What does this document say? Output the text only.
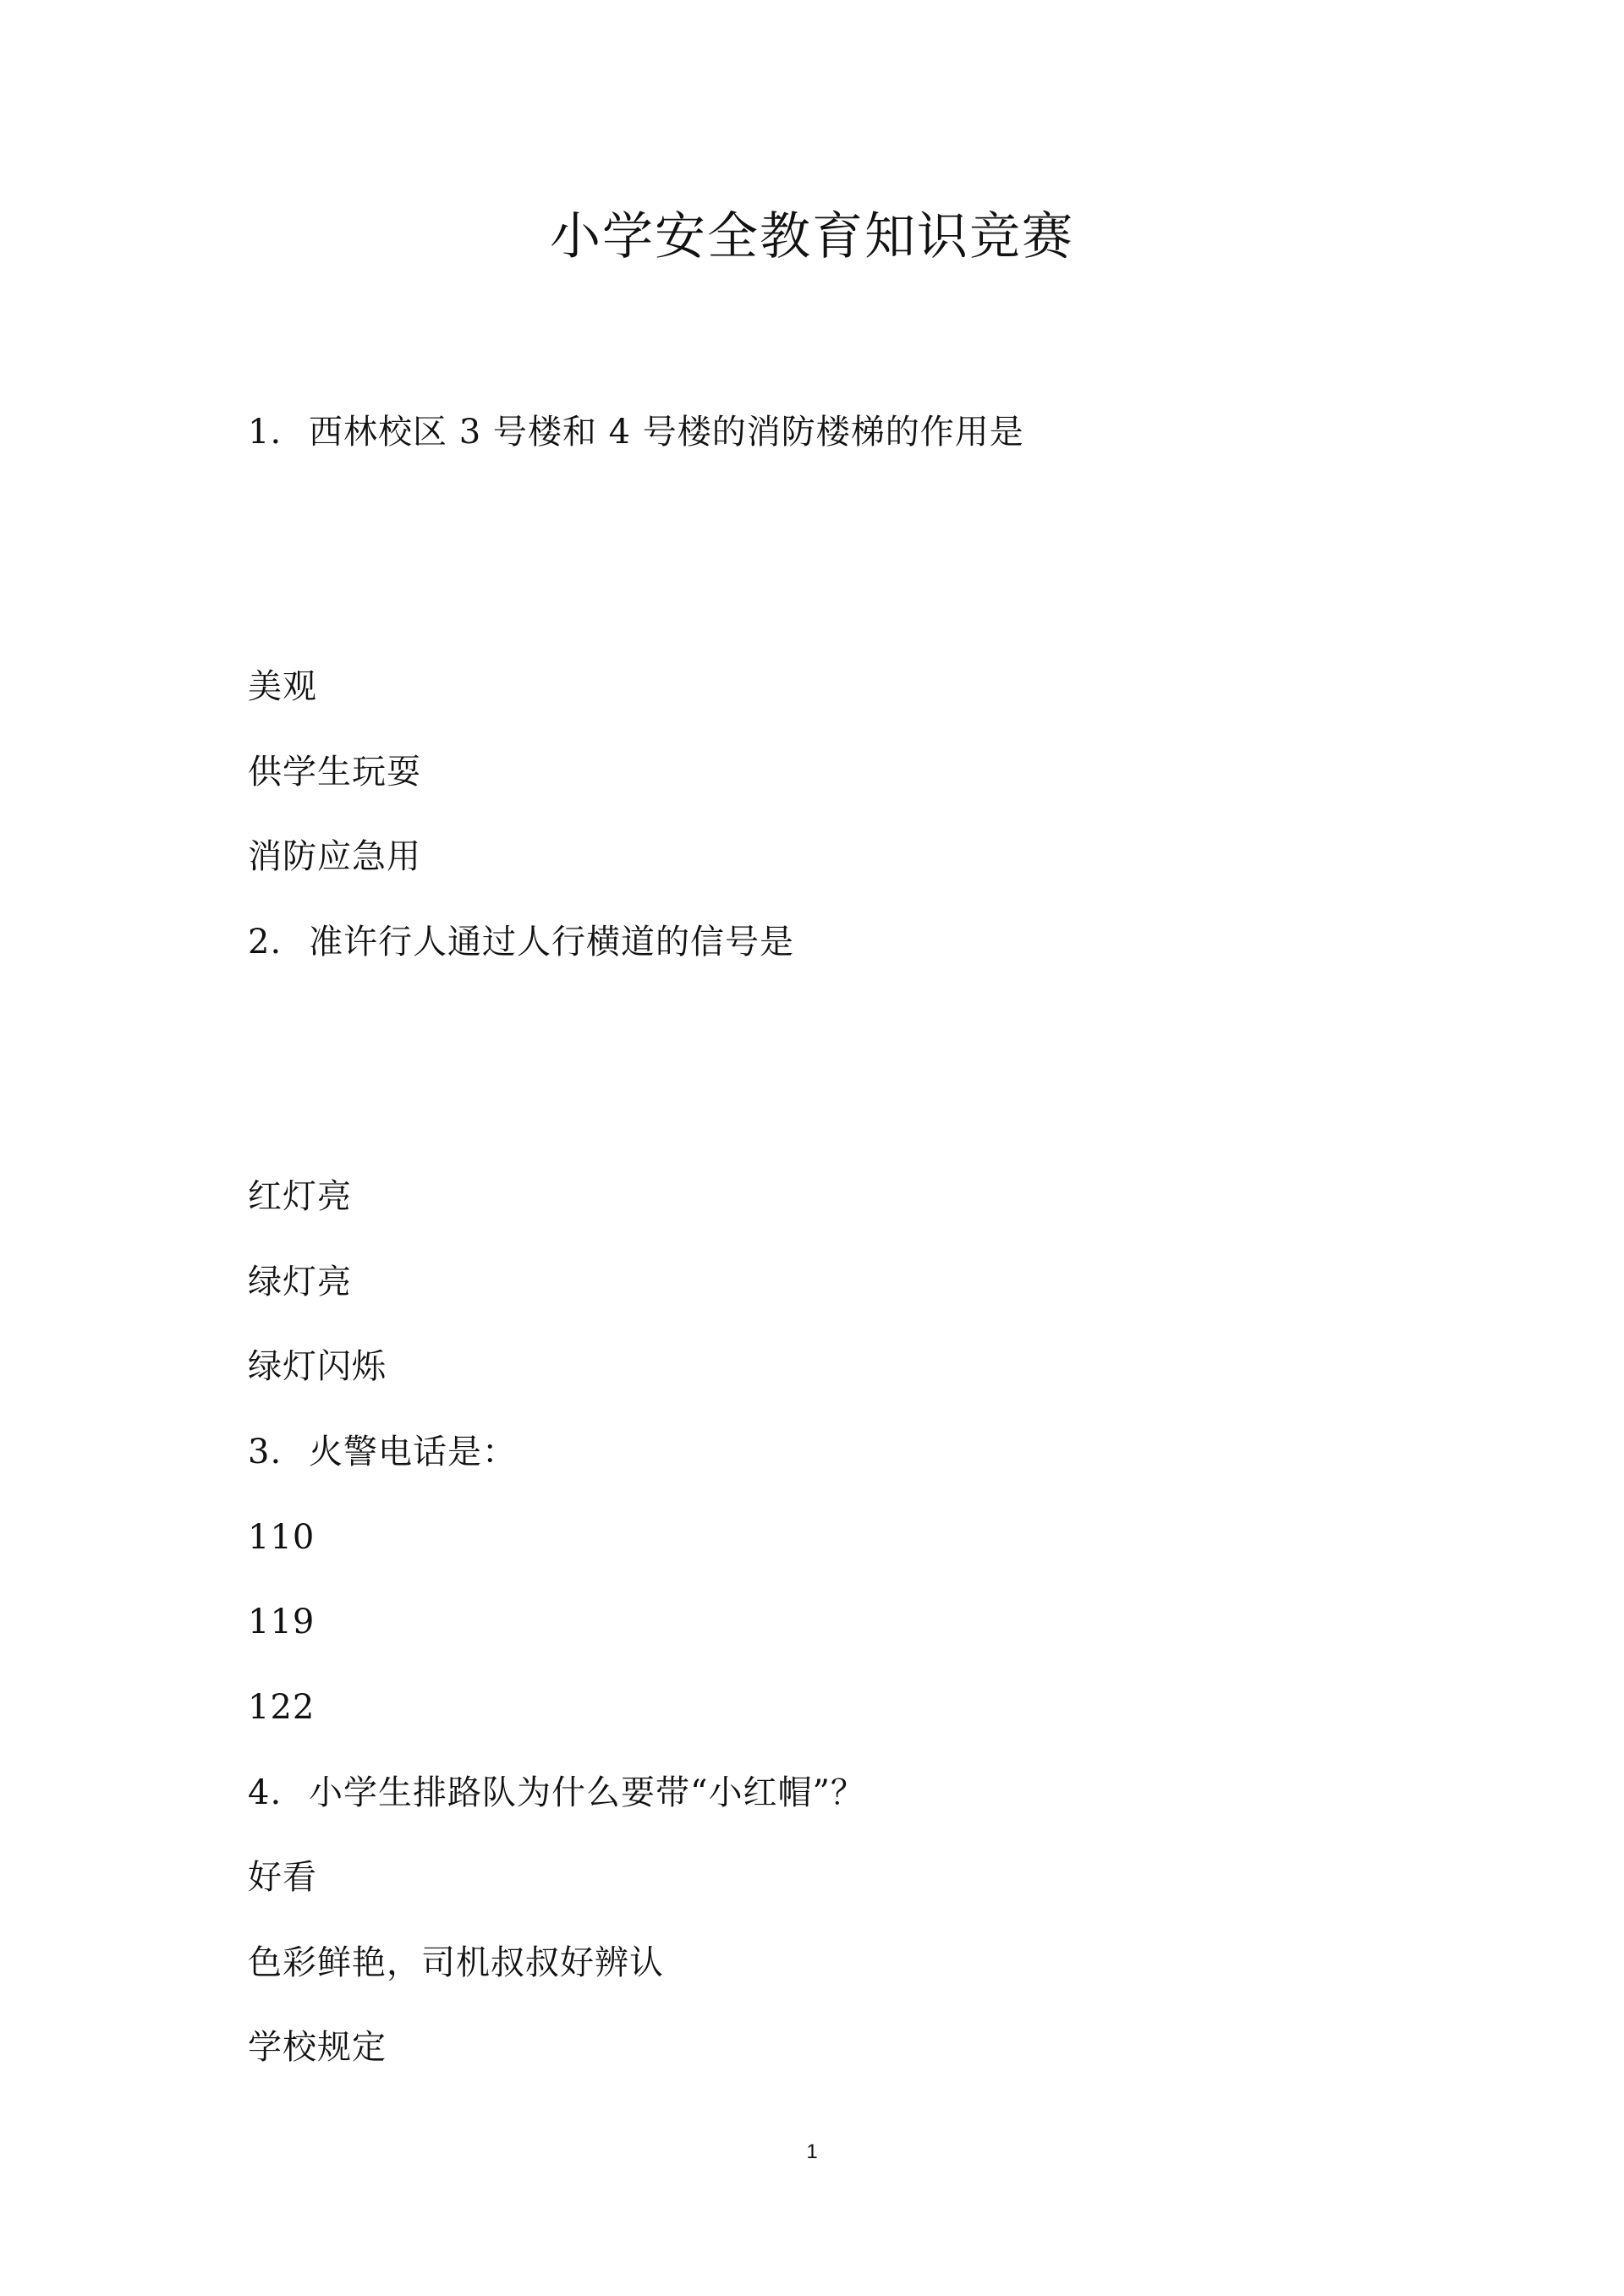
小学安全教育知识竞赛
1. 西林校区 3 号楼和 4 号楼的消防楼梯的作用是
美观
供学生玩耍
消防应急用
2. 准许行人通过人行横道的信号是
红灯亮
绿灯亮
绿灯闪烁
3. 火警电话是：
110
119
122
4. 小学生排路队为什么要带“小红帽”？
好看
色彩鲜艳，司机叔叔好辨认
学校规定
1
